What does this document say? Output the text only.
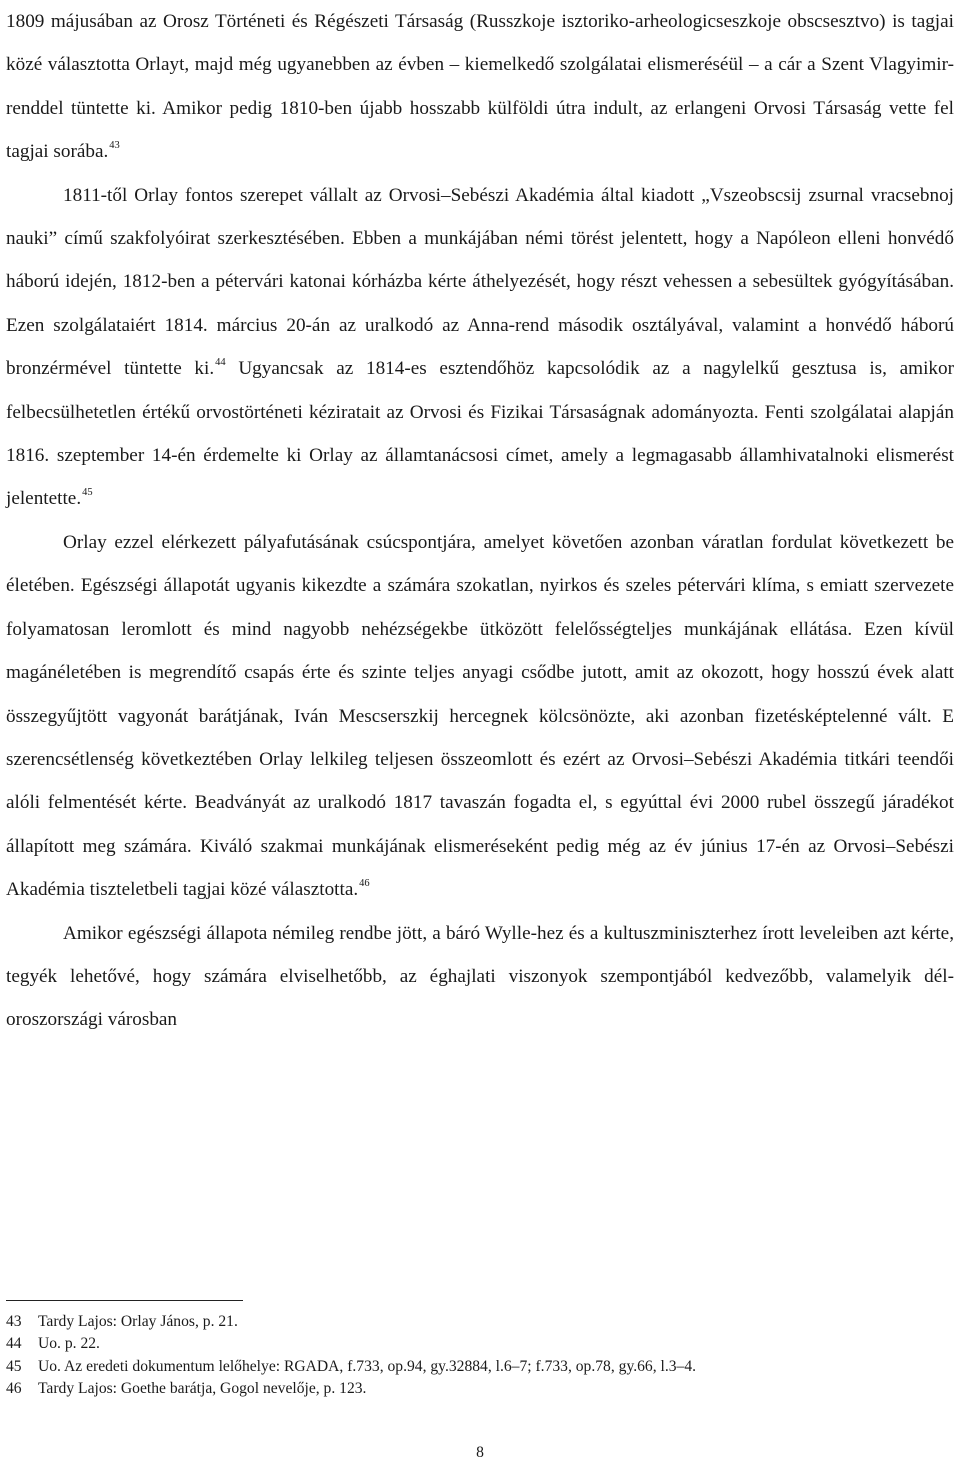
1809 májusában az Orosz Történeti és Régészeti Társaság (Russzkoje isztoriko-arheologicseszkoje obscsesztvo) is tagjai közé választotta Orlayt, majd még ugyanebben az évben – kiemelkedő szolgálatai elismeréséül – a cár a Szent Vlagyimir-renddel tüntette ki. Amikor pedig 1810-ben újabb hosszabb külföldi útra indult, az erlangeni Orvosi Társaság vette fel tagjai sorába.$^{43}$

1811-től Orlay fontos szerepet vállalt az Orvosi–Sebészi Akadémia által kiadott „Vszeobscsij zsurnal vracsebnoj nauki” című szakfolyóirat szerkesztésében. Ebben a munkájában némi törést jelentett, hogy a Napóleon elleni honvédő háború idején, 1812-ben a pétervári katonai kórházba kérte áthelyezését, hogy részt vehessen a sebesültek gyógyításában. Ezen szolgálataiért 1814. március 20-án az uralkodó az Anna-rend második osztályával, valamint a honvédő háború bronzérmével tüntette ki.$^{44}$ Ugyancsak az 1814-es esztendőhöz kapcsolódik az a nagylelkű gesztusa is, amikor felbecsülhetetlen értékű orvostörténeti kéziratait az Orvosi és Fizikai Társaságnak adományozta. Fenti szolgálatai alapján 1816. szeptember 14-én érdemelte ki Orlay az államtanácsosi címet, amely a legmagasabb államhivatalnoki elismerést jelentette.$^{45}$

Orlay ezzel elérkezett pályafutásának csúcspontjára, amelyet követően azonban váratlan fordulat következett be életében. Egészségi állapotát ugyanis kikezdte a számára szokatlan, nyirkos és szeles pétervári klíma, s emiatt szervezete folyamatosan leromlott és mind nagyobb nehézségekbe ütközött felelősségteljes munkájának ellátása. Ezen kívül magánéletében is megrendítő csapás érte és szinte teljes anyagi csődbe jutott, amit az okozott, hogy hosszú évek alatt összegyűjtött vagyonát barátjának, Iván Mescserszkij hercegnek kölcsönözte, aki azonban fizetésképtelenné vált. E szerencsétlenség következtében Orlay lelkileg teljesen összeomlott és ezért az Orvosi–Sebészi Akadémia titkári teendői alóli felmentését kérte. Beadványát az uralkodó 1817 tavaszán fogadta el, s egyúttal évi 2000 rubel összegű járadékot állapított meg számára. Kiváló szakmai munkájának elismeréseként pedig még az év június 17-én az Orvosi–Sebészi Akadémia tiszteletbeli tagjai közé választotta.$^{46}$

Amikor egészségi állapota némileg rendbe jött, a báró Wylle-hez és a kultuszminiszterhez írott leveleiben azt kérte, tegyék lehetővé, hogy számára elviselhetőbb, az éghajlati viszonyok szempontjából kedvezőbb, valamelyik dél-oroszországi városban

43	Tardy Lajos: Orlay János, p. 21.
44	Uo. p. 22.
45	Uo. Az eredeti dokumentum lelőhelye: RGADA, f.733, op.94, gy.32884, l.6–7; f.733, op.78, gy.66, l.3–4.
46	Tardy Lajos: Goethe barátja, Gogol nevelője, p. 123.
8
